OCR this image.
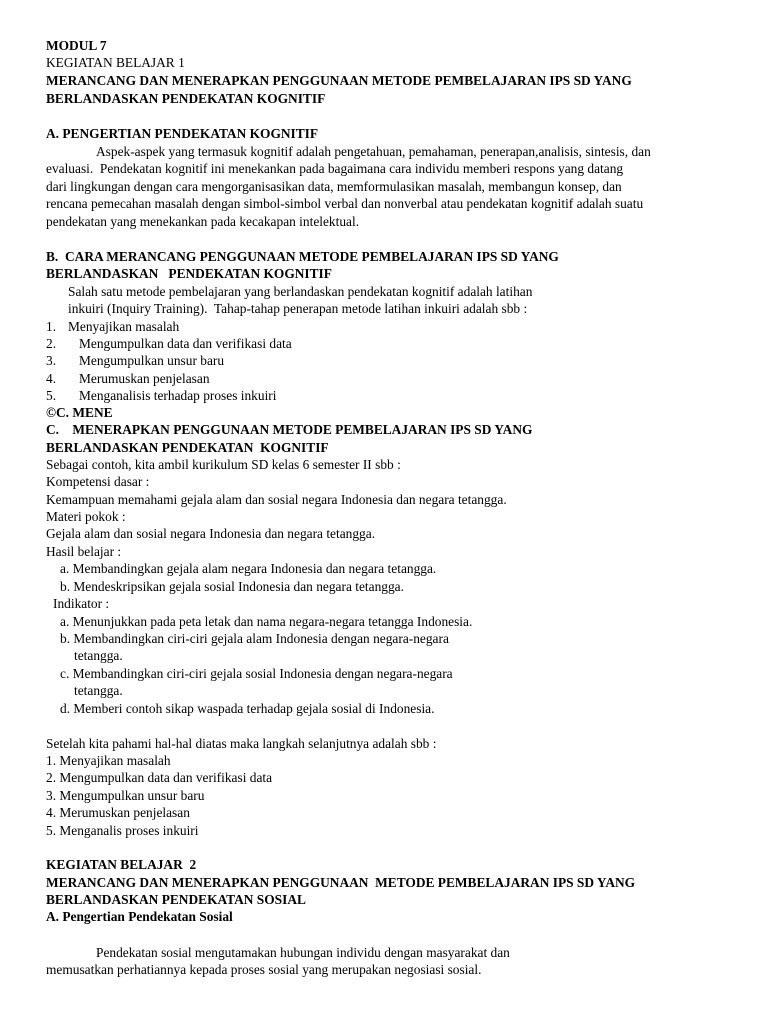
MODUL 7
KEGIATAN BELAJAR 1
MERANCANG DAN MENERAPKAN PENGGUNAAN METODE PEMBELAJARAN IPS SD YANG
BERLANDASKAN PENDEKATAN KOGNITIF
A. PENGERTIAN PENDEKATAN KOGNITIF
Aspek-aspek yang termasuk kognitif adalah pengetahuan, pemahaman, penerapan,analisis, sintesis, dan
evaluasi.  Pendekatan kognitif ini menekankan pada bagaimana cara individu memberi respons yang datang
dari lingkungan dengan cara mengorganisasikan data, memformulasikan masalah, membangun konsep, dan
rencana pemecahan masalah dengan simbol-simbol verbal dan nonverbal atau pendekatan kognitif adalah suatu
pendekatan yang menekankan pada kecakapan intelektual.
B.  CARA MERANCANG PENGGUNAAN METODE PEMBELAJARAN IPS SD YANG
BERLANDASKAN   PENDEKATAN KOGNITIF
Salah satu metode pembelajaran yang berlandaskan pendekatan kognitif adalah latihan
inkuiri (Inquiry Training).  Tahap-tahap penerapan metode latihan inkuiri adalah sbb :
1. Menyajikan masalah
2. Mengumpulkan data dan verifikasi data
3. Mengumpulkan unsur baru
4. Merumuskan penjelasan
5. Menganalisis terhadap proses inkuiri
©C. MENE
C.    MENERAPKAN PENGGUNAAN METODE PEMBELAJARAN IPS SD YANG
BERLANDASKAN PENDEKATAN  KOGNITIF
Sebagai contoh, kita ambil kurikulum SD kelas 6 semester II sbb :
Kompetensi dasar :
Kemampuan memahami gejala alam dan sosial negara Indonesia dan negara tetangga.
Materi pokok :
Gejala alam dan sosial negara Indonesia dan negara tetangga.
Hasil belajar :
a. Membandingkan gejala alam negara Indonesia dan negara tetangga.
b. Mendeskripsikan gejala sosial Indonesia dan negara tetangga.
Indikator :
a. Menunjukkan pada peta letak dan nama negara-negara tetangga Indonesia.
b. Membandingkan ciri-ciri gejala alam Indonesia dengan negara-negara
tetangga.
c. Membandingkan ciri-ciri gejala sosial Indonesia dengan negara-negara
tetangga.
d. Memberi contoh sikap waspada terhadap gejala sosial di Indonesia.
Setelah kita pahami hal-hal diatas maka langkah selanjutnya adalah sbb :
1. Menyajikan masalah
2. Mengumpulkan data dan verifikasi data
3. Mengumpulkan unsur baru
4. Merumuskan penjelasan
5. Menganalis proses inkuiri
KEGIATAN BELAJAR  2
MERANCANG DAN MENERAPKAN PENGGUNAAN  METODE PEMBELAJARAN IPS SD YANG
BERLANDASKAN PENDEKATAN SOSIAL
A. Pengertian Pendekatan Sosial
Pendekatan sosial mengutamakan hubungan individu dengan masyarakat dan
memusatkan perhatiannya kepada proses sosial yang merupakan negosiasi sosial.
